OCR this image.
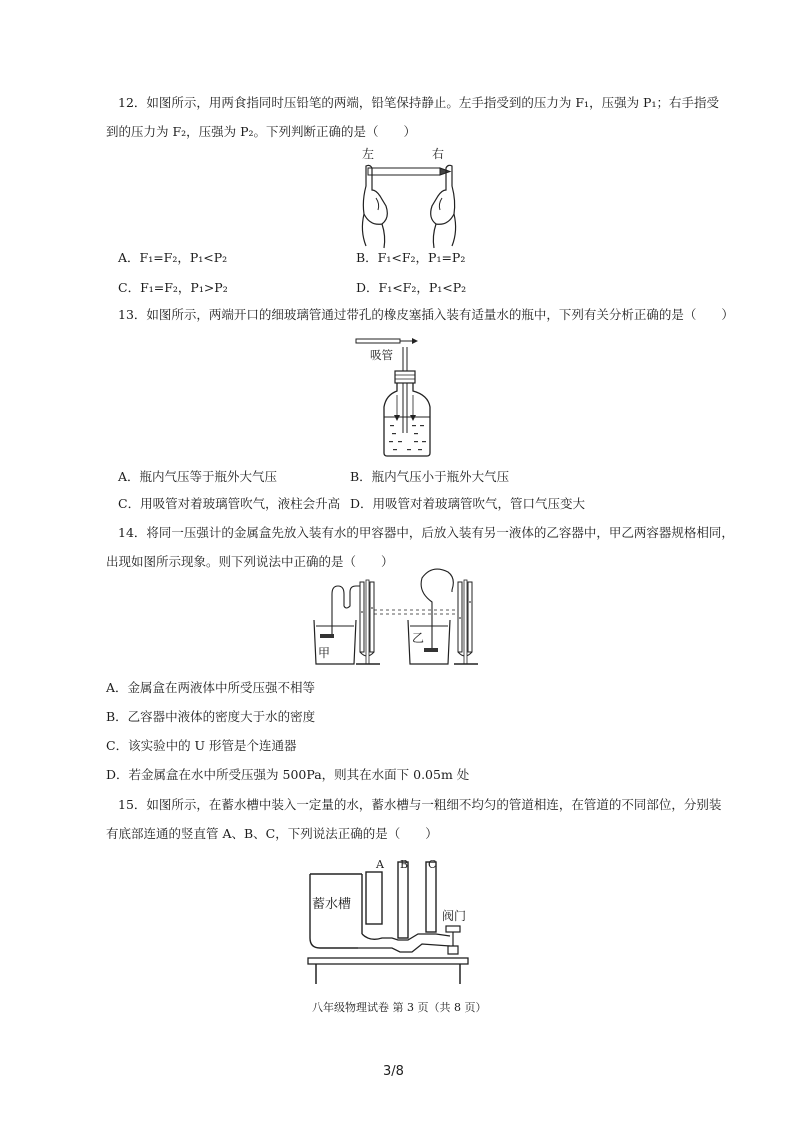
12．如图所示，用两食指同时压铅笔的两端，铅笔保持静止。左手指受到的压力为 F₁，压强为 P₁；右手指受
到的压力为 F₂，压强为 P₂。下列判断正确的是（　　）
左	右
A．F₁=F₂，P₁<P₂	B．F₁<F₂，P₁=P₂
C．F₁=F₂，P₁>P₂	D．F₁<F₂，P₁<P₂
13．如图所示，两端开口的细玻璃管通过带孔的橡皮塞插入装有适量水的瓶中，下列有关分析正确的是（　　）
吸管
A．瓶内气压等于瓶外大气压	B．瓶内气压小于瓶外大气压
C．用吸管对着玻璃管吹气，液柱会升高 D．用吸管对着玻璃管吹气，管口气压变大
14．将同一压强计的金属盒先放入装有水的甲容器中，后放入装有另一液体的乙容器中，甲乙两容器规格相同，
出现如图所示现象。则下列说法中正确的是（　　）
甲
乙
A．金属盒在两液体中所受压强不相等
B．乙容器中液体的密度大于水的密度
C．该实验中的 U 形管是个连通器
D．若金属盒在水中所受压强为 500Pa，则其在水面下 0.05m 处
15．如图所示，在蓄水槽中装入一定量的水，蓄水槽与一粗细不均匀的管道相连，在管道的不同部位，分别装
有底部连通的竖直管 A、B、C，下列说法正确的是（　　）
蓄水槽
A B C
阀门
八年级物理试卷 第 3 页（共 8 页）
3/8
